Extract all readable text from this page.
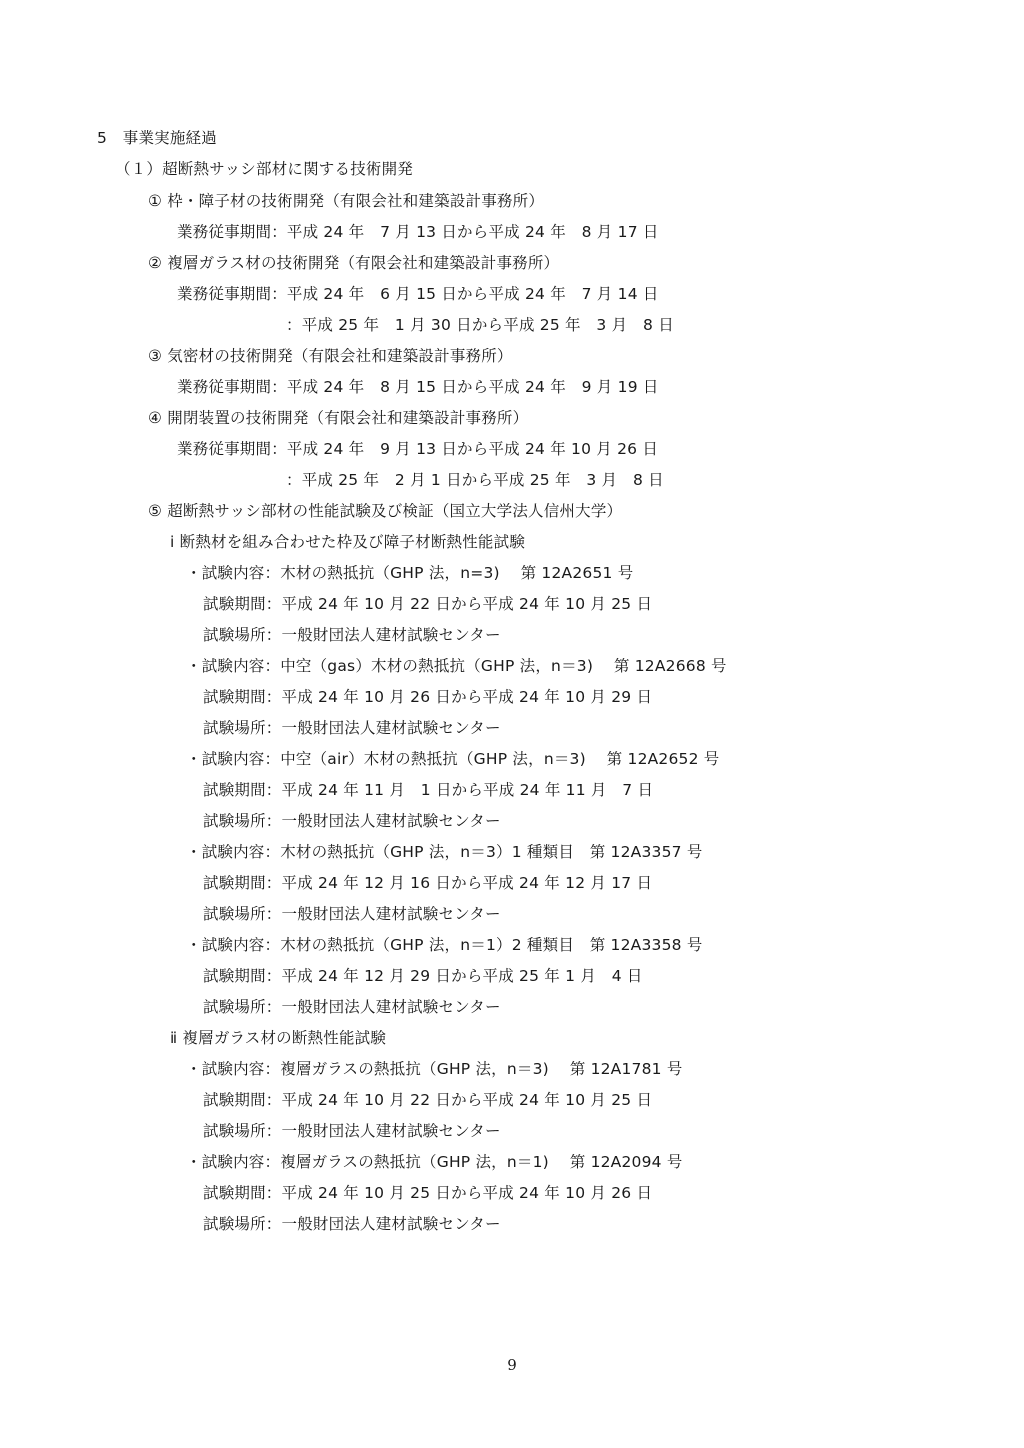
5　事業実施経過
（１）超断熱サッシ部材に関する技術開発
① 枠・障子材の技術開発（有限会社和建築設計事務所）
業務従事期間：平成 24 年　7 月 13 日から平成 24 年　8 月 17 日
② 複層ガラス材の技術開発（有限会社和建築設計事務所）
業務従事期間：平成 24 年　6 月 15 日から平成 24 年　7 月 14 日
：平成 25 年　1 月 30 日から平成 25 年　3 月　8 日
③ 気密材の技術開発（有限会社和建築設計事務所）
業務従事期間：平成 24 年　8 月 15 日から平成 24 年　9 月 19 日
④ 開閉装置の技術開発（有限会社和建築設計事務所）
業務従事期間：平成 24 年　9 月 13 日から平成 24 年 10 月 26 日
：平成 25 年　2 月 1 日から平成 25 年　3 月　8 日
⑤ 超断熱サッシ部材の性能試験及び検証（国立大学法人信州大学）
ⅰ 断熱材を組み合わせた枠及び障子材断熱性能試験
・試験内容：木材の熱抵抗（GHP 法，n=3)　 第 12A2651 号
試験期間：平成 24 年 10 月 22 日から平成 24 年 10 月 25 日
試験場所：一般財団法人建材試験センター
・試験内容：中空（gas）木材の熱抵抗（GHP 法，n＝3)　 第 12A2668 号
試験期間：平成 24 年 10 月 26 日から平成 24 年 10 月 29 日
試験場所：一般財団法人建材試験センター
・試験内容：中空（air）木材の熱抵抗（GHP 法，n＝3)　 第 12A2652 号
試験期間：平成 24 年 11 月　1 日から平成 24 年 11 月　7 日
試験場所：一般財団法人建材試験センター
・試験内容：木材の熱抵抗（GHP 法，n＝3）1 種類目　第 12A3357 号
試験期間：平成 24 年 12 月 16 日から平成 24 年 12 月 17 日
試験場所：一般財団法人建材試験センター
・試験内容：木材の熱抵抗（GHP 法，n＝1）2 種類目　第 12A3358 号
試験期間：平成 24 年 12 月 29 日から平成 25 年 1 月　4 日
試験場所：一般財団法人建材試験センター
ⅱ 複層ガラス材の断熱性能試験
・試験内容：複層ガラスの熱抵抗（GHP 法，n＝3)　 第 12A1781 号
試験期間：平成 24 年 10 月 22 日から平成 24 年 10 月 25 日
試験場所：一般財団法人建材試験センター
・試験内容：複層ガラスの熱抵抗（GHP 法，n＝1)　 第 12A2094 号
試験期間：平成 24 年 10 月 25 日から平成 24 年 10 月 26 日
試験場所：一般財団法人建材試験センター
9
